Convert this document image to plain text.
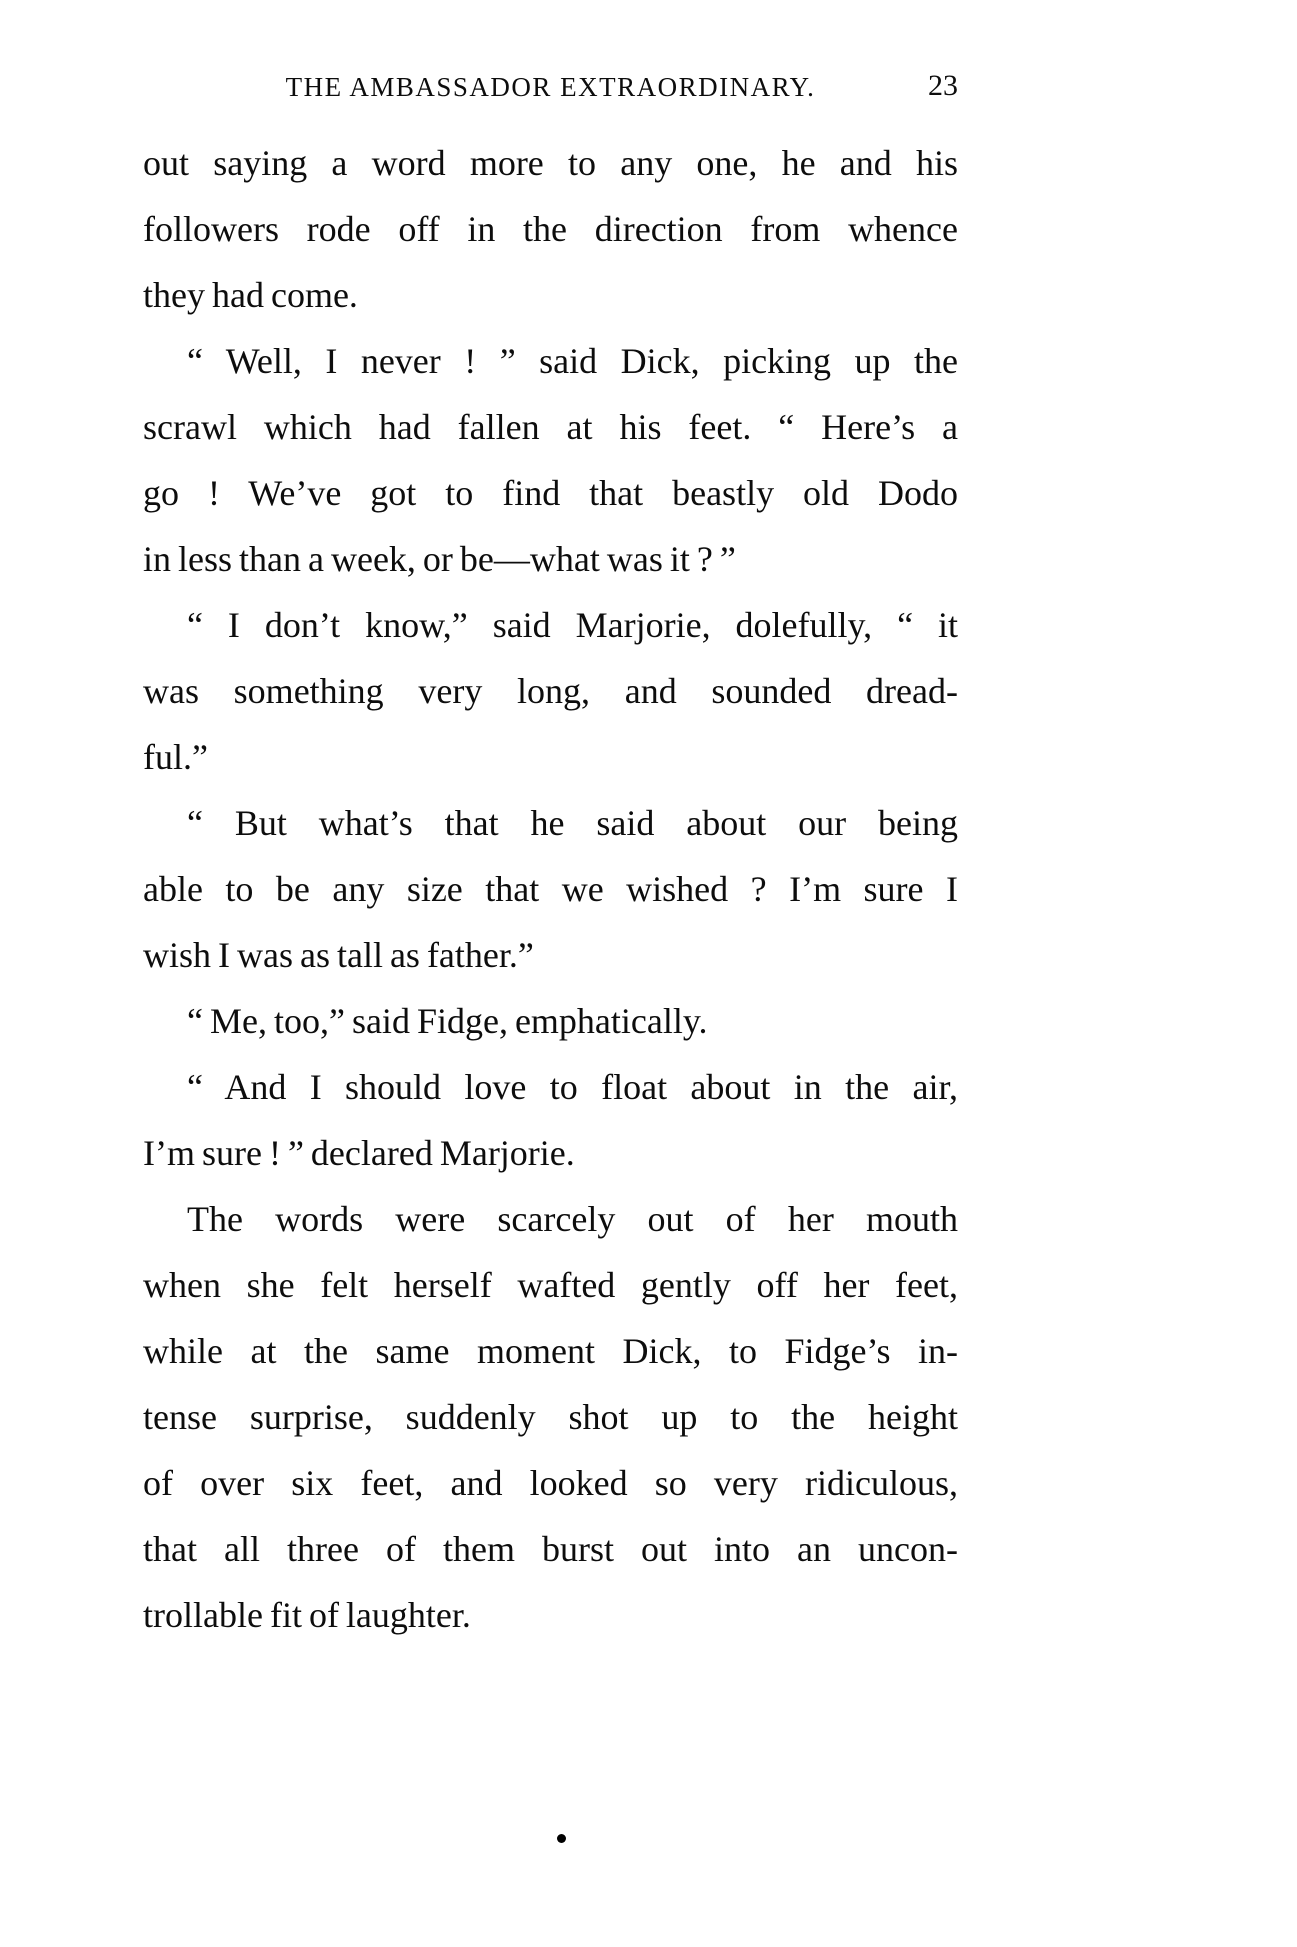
THE AMBASSADOR EXTRAORDINARY.	23
out saying a word more to any one, he and his
followers rode off in the direction from whence
they had come.
“ Well, I never ! ” said Dick, picking up the
scrawl which had fallen at his feet. “ Here’s a
go ! We’ve got to find that beastly old Dodo
in less than a week, or be—what was it ? ”
“ I don’t know,” said Marjorie, dolefully, “ it
was something very long, and sounded dread-
ful.”
“ But what’s that he said about our being
able to be any size that we wished ? I’m sure I
wish I was as tall as father.”
“ Me, too,” said Fidge, emphatically.
“ And I should love to float about in the air,
I’m sure ! ” declared Marjorie.
The words were scarcely out of her mouth
when she felt herself wafted gently off her feet,
while at the same moment Dick, to Fidge’s in-
tense surprise, suddenly shot up to the height
of over six feet, and looked so very ridiculous,
that all three of them burst out into an uncon-
trollable fit of laughter.
